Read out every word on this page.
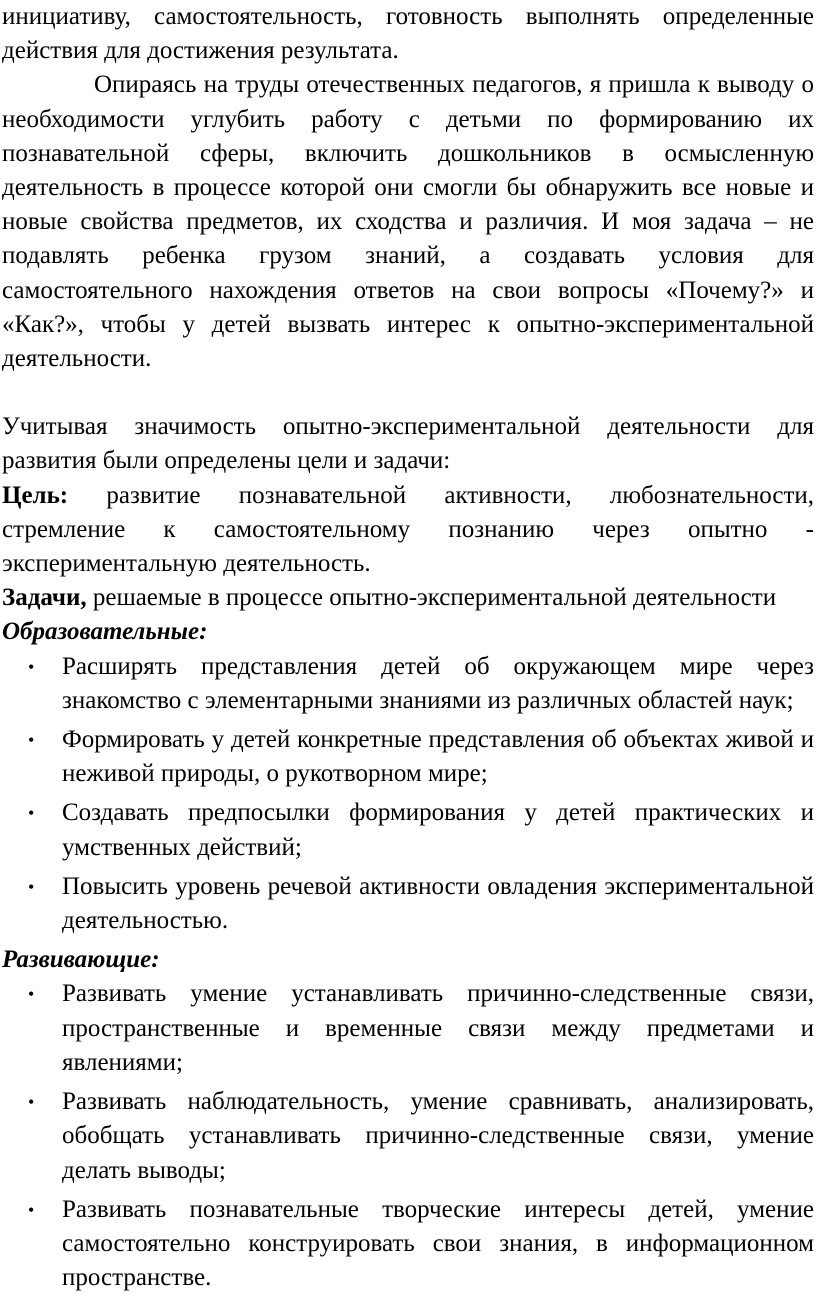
инициативу, самостоятельность, готовность выполнять определенные действия для достижения результата.

Опираясь на труды отечественных педагогов, я пришла к выводу о необходимости углубить работу с детьми по формированию их познавательной сферы, включить дошкольников в осмысленную деятельность в процессе которой они смогли бы обнаружить все новые и новые свойства предметов, их сходства и различия. И моя задача – не подавлять ребенка грузом знаний, а создавать условия для самостоятельного нахождения ответов на свои вопросы «Почему?» и «Как?», чтобы у детей вызвать интерес к опытно-экспериментальной деятельности.

Учитывая значимость опытно-экспериментальной деятельности для развития были определены цели и задачи:

Цель: развитие познавательной активности, любознательности, стремление к самостоятельному познанию через опытно - экспериментальную деятельность.

Задачи, решаемые в процессе опытно-экспериментальной деятельности

Образовательные:

• Расширять представления детей об окружающем мире через знакомство с элементарными знаниями из различных областей наук;
• Формировать у детей конкретные представления об объектах живой и неживой природы, о рукотворном мире;
• Создавать предпосылки формирования у детей практических и умственных действий;
• Повысить уровень речевой активности овладения экспериментальной деятельностью.

Развивающие:

• Развивать умение устанавливать причинно-следственные связи, пространственные и временные связи между предметами и явлениями;
• Развивать наблюдательность, умение сравнивать, анализировать, обобщать устанавливать причинно-следственные связи, умение делать выводы;
• Развивать познавательные творческие интересы детей, умение самостоятельно конструировать свои знания, в информационном пространстве.
